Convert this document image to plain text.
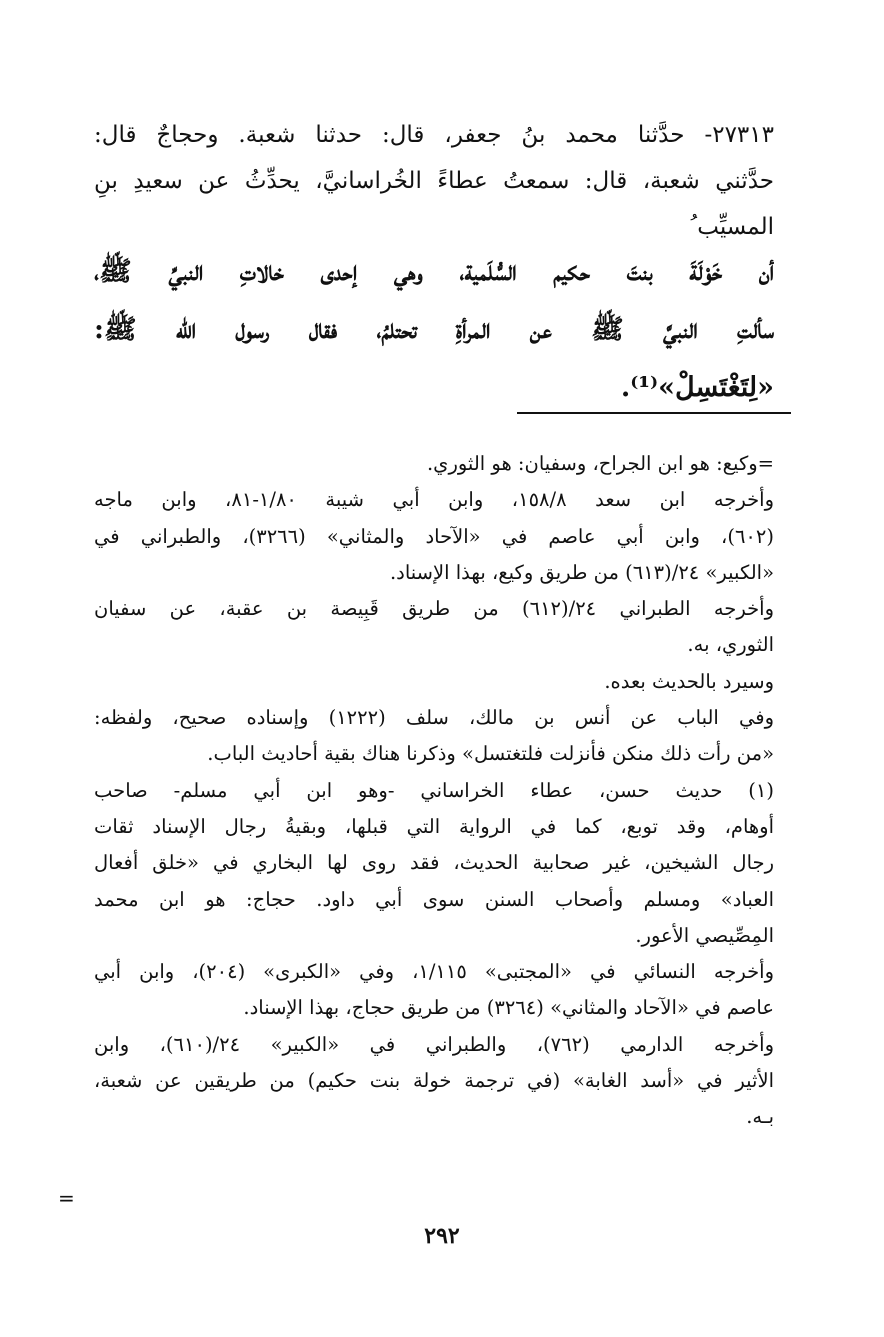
٢٧٣١٣- حدَّثنا محمد بنُ جعفر، قال: حدثنا شعبة. وحجاجٌ قال:
حدَّثني شعبة، قال: سمعتُ عطاءً الخُراسانيَّ، يحدِّثُ عن سعيدِ بنِ
المسيِّب ُ
أن خَوْلَةَ بنتَ حكيم السُّلَمية، وهي إحدى خالاتِ النبيِّ ﷺ،
سألتِ النبيَّ ﷺ عن المرأةِ تحتلمُ، فقال رسول الله ﷺ:
«لِتَغْتَسِلْ»⁽¹⁾.
=وكيع: هو ابن الجراح، وسفيان: هو الثوري.
وأخرجه ابن سعد ١٥٨/٨، وابن أبي شيبة ١/٨٠-٨١، وابن ماجه
(٦٠٢)، وابن أبي عاصم في «الآحاد والمثاني» (٣٢٦٦)، والطبراني في
«الكبير» ٢٤/(٦١٣) من طريق وكيع، بهذا الإسناد.
وأخرجه الطبراني ٢٤/(٦١٢) من طريق قَبِيصة بن عقبة، عن سفيان
الثوري، به.
وسيرد بالحديث بعده.
وفي الباب عن أنس بن مالك، سلف (١٢٢٢) وإسناده صحيح، ولفظه:
«من رأت ذلك منكن فأنزلت فلتغتسل» وذكرنا هناك بقية أحاديث الباب.
(١) حديث حسن، عطاء الخراساني -وهو ابن أبي مسلم- صاحب
أوهام، وقد توبع، كما في الرواية التي قبلها، وبقيةُ رجال الإسناد ثقات
رجال الشيخين، غير صحابية الحديث، فقد روى لها البخاري في «خلق أفعال
العباد» ومسلم وأصحاب السنن سوى أبي داود. حجاج: هو ابن محمد
المِصِّيصي الأعور.
وأخرجه النسائي في «المجتبى» ١/١١٥، وفي «الكبرى» (٢٠٤)، وابن أبي
عاصم في «الآحاد والمثاني» (٣٢٦٤) من طريق حجاج، بهذا الإسناد.
وأخرجه الدارمي (٧٦٢)، والطبراني في «الكبير» ٢٤/(٦١٠)، وابن
الأثير في «أسد الغابة» (في ترجمة خولة بنت حكيم) من طريقين عن شعبة،
بـه.
=
٢٩٢
